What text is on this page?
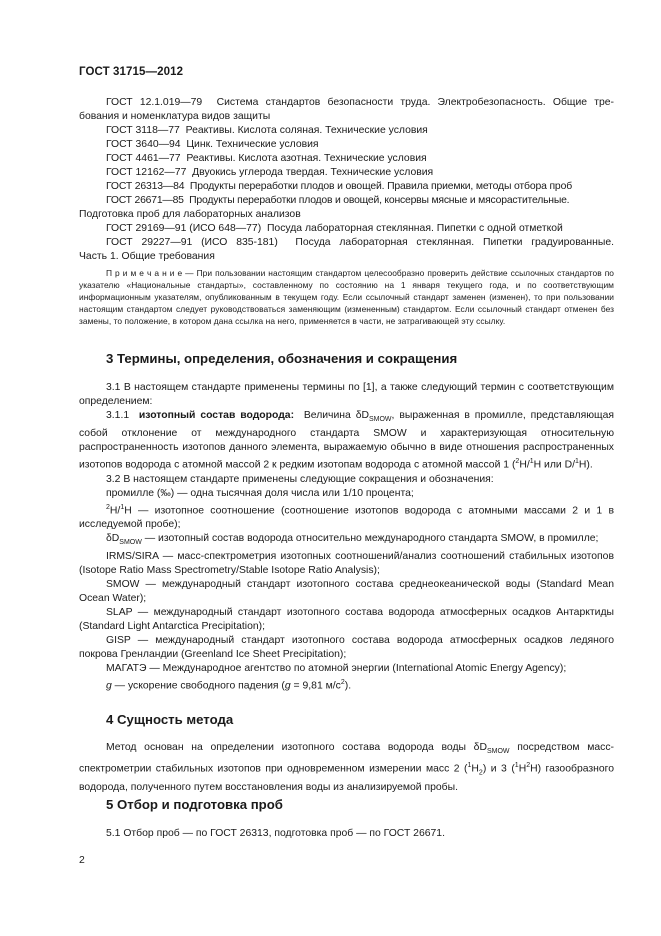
ГОСТ 31715—2012

ГОСТ 12.1.019—79 Система стандартов безопасности труда. Электробезопасность. Общие тре-

бования и номенклатура видов защиты

ГОСТ 3118—77 Реактивы. Кислота соляная. Технические условия

ГОСТ 3640—94 Цинк. Технические условия

ГОСТ 4461—77 Реактивы. Кислота азотная. Технические условия

ГОСТ 12162—77 Двуокись углерода твердая. Технические условия

ГОСТ 26313—84 Продукты переработки плодов и овощей. Правила приемки, методы отбора проб

ГОСТ 26671—85 Продукты переработки плодов и овощей, консервы мясные и мясорастительные.

Подготовка проб для лабораторных анализов

ГОСТ 29169—91 (ИСО 648—77) Посуда лабораторная стеклянная. Пипетки с одной отметкой

ГОСТ 29227—91 (ИСО 835-181) Посуда лабораторная стеклянная. Пипетки градуированные.

Часть 1. Общие требования

П р и м е ч а н и е — При пользовании настоящим стандартом целесообразно проверить действие ссылочных стандартов по указателю «Национальные стандарты», составленному по состоянию на 1 января текущего года, и по соответствующим информационным указателям, опубликованным в текущем году. Если ссылочный стандарт заменен (изменен), то при пользовании настоящим стандартом следует руководствоваться заменяющим (измененным) стандартом. Если ссылочный стандарт отменен без замены, то положение, в котором дана ссылка на него, применяется в части, не затрагивающей эту ссылку.
3 Термины, определения, обозначения и сокращения

3.1 В настоящем стандарте применены термины по [1], а также следующий термин с соответствующим определением:

3.1.1 изотопный состав водорода: Величина $\delta D_{SMOW}$, выраженная в промилле, представляющая собой отклонение от международного стандарта SMOW и характеризующая относительную распространенность изотопов данного элемента, выражаемую обычно в виде отношения распространенных изотопов водорода с атомной массой 2 к редким изотопам водорода с атомной массой 1 ($^2$H/$^1$H или D/$^1$H).

3.2 В настоящем стандарте применены следующие сокращения и обозначения:

промилле (‰) — одна тысячная доля числа или 1/10 процента;

$^2$H/$^1$H — изотопное соотношение (соотношение изотопов водорода с атомными массами 2 и 1 в исследуемой пробе);

$\delta D_{SMOW}$ — изотопный состав водорода относительно международного стандарта SMOW, в промилле;

IRMS/SIRA — масс-спектрометрия изотопных соотношений/анализ соотношений стабильных изотопов (Isotope Ratio Mass Spectrometry/Stable Isotope Ratio Analysis);

SMOW — международный стандарт изотопного состава среднеокеанической воды (Standard Mean Ocean Water);

SLAP — международный стандарт изотопного состава водорода атмосферных осадков Антарктиды (Standard Light Antarctica Precipitation);

GISP — международный стандарт изотопного состава водорода атмосферных осадков ледяного покрова Гренландии (Greenland Ice Sheet Precipitation);

МАГАТЭ — Международное агентство по атомной энергии (International Atomic Energy Agency);

g — ускорение свободного падения (g = 9,81 $м/с^2$).

4 Сущность метода

Метод основан на определении изотопного состава водорода воды $\delta D_{SMOW}$ посредством масс-спектрометрии стабильных изотопов при одновременном измерении масс 2 $(^1H_2)$ и 3 $(^1H^2H)$ газообразного водорода, полученного путем восстановления воды из анализируемой пробы.

5 Отбор и подготовка проб

5.1 Отбор проб — по ГОСТ 26313, подготовка проб — по ГОСТ 26671.

2
